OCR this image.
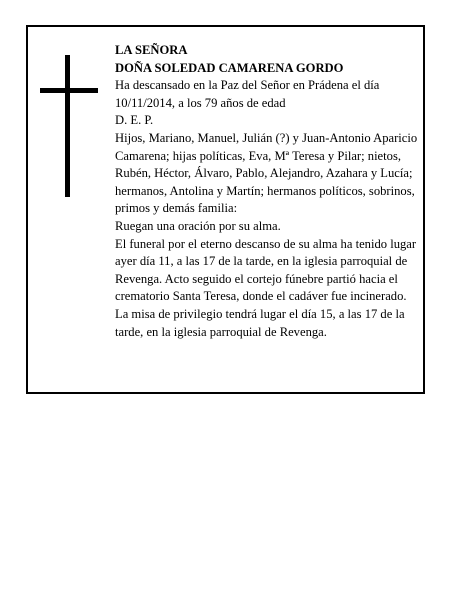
LA SEÑORA

DOÑA SOLEDAD CAMARENA GORDO

Ha descansado en la Paz del Señor en Prádena el día 10/11/2014, a los 79 años de edad

D. E. P.

Hijos, Mariano, Manuel, Julián (?) y Juan-Antonio Aparicio Camarena; hijas políticas, Eva, Mª Teresa y Pilar; nietos, Rubén, Héctor, Álvaro, Pablo, Alejandro, Azahara y Lucía; hermanos, Antolina y Martín; hermanos políticos, sobrinos, primos y demás familia:

Ruegan una oración por su alma.

El funeral por el eterno descanso de su alma ha tenido lugar ayer día 11, a las 17 de la tarde, en la iglesia parroquial de Revenga. Acto seguido el cortejo fúnebre partió hacia el crematorio Santa Teresa, donde el cadáver fue incinerado. La misa de privilegio tendrá lugar el día 15, a las 17 de la tarde, en la iglesia parroquial de Revenga.
